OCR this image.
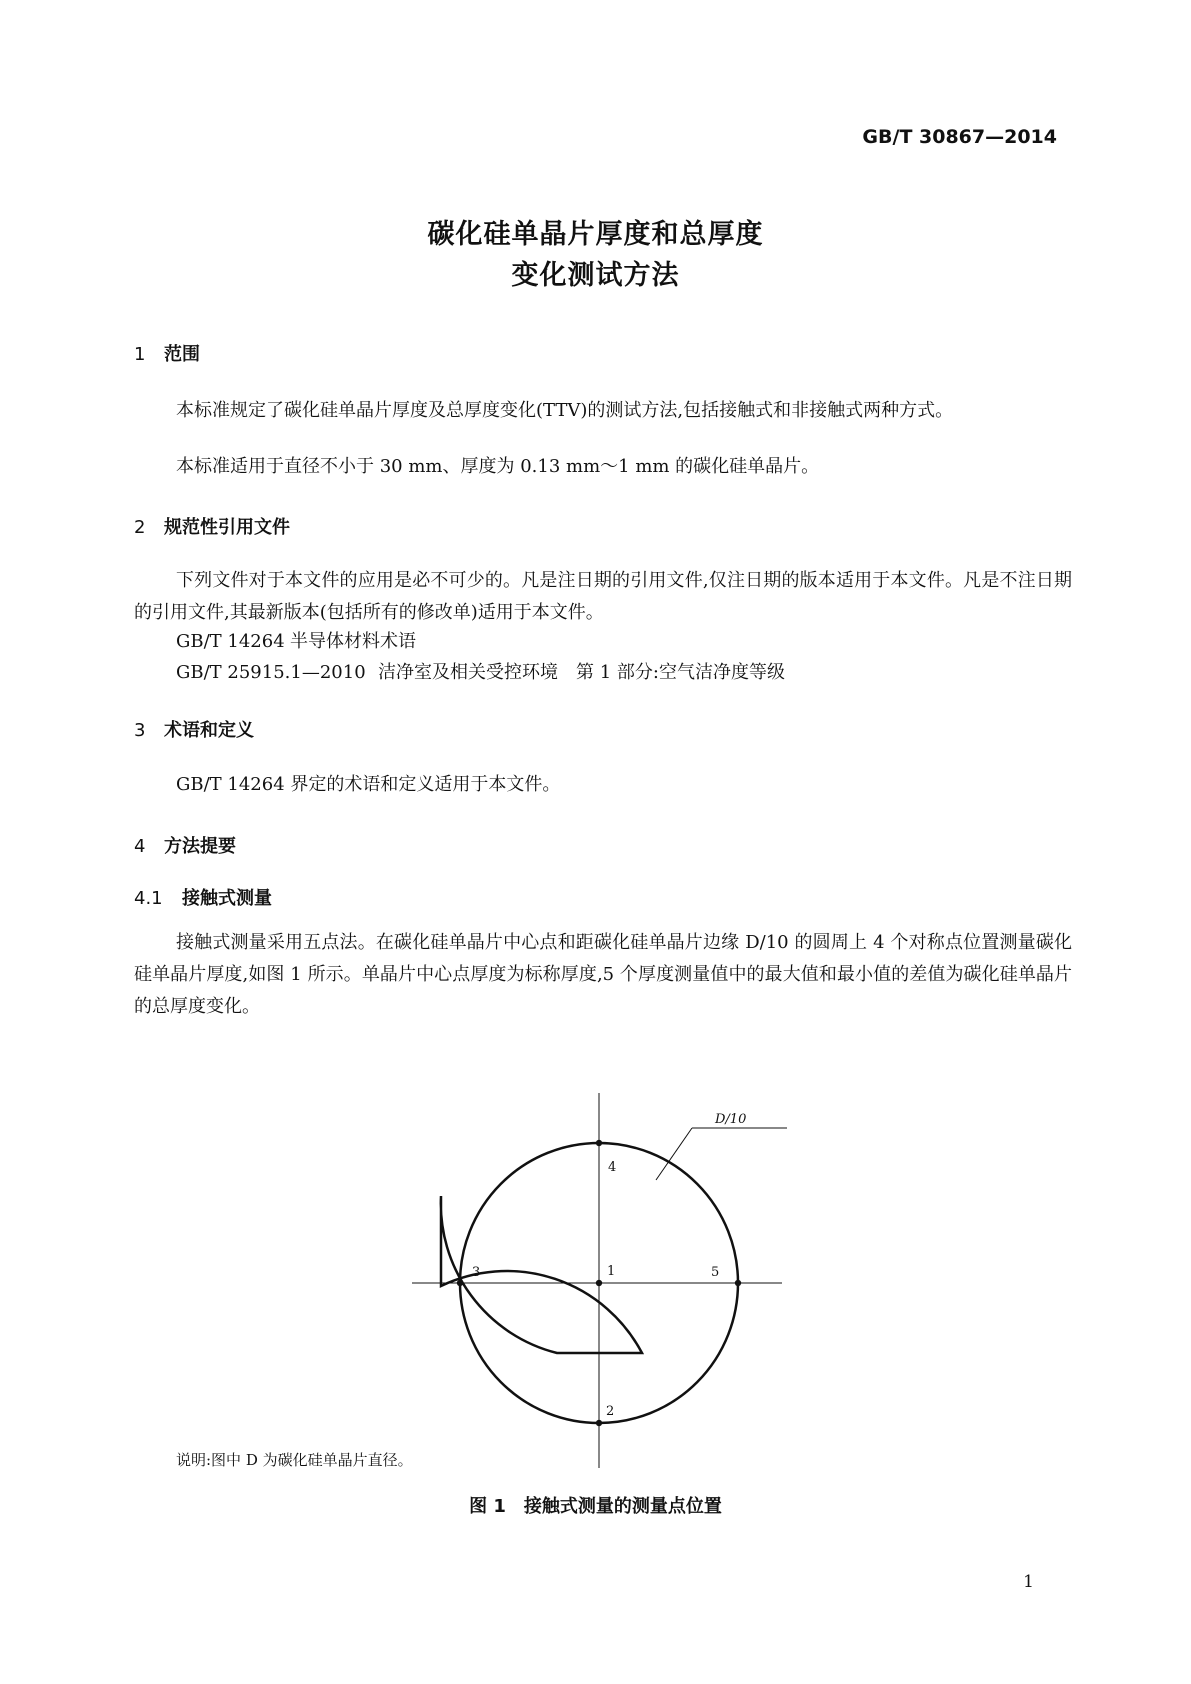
GB/T 30867—2014
碳化硅单晶片厚度和总厚度
变化测试方法
1 范围
本标准规定了碳化硅单晶片厚度及总厚度变化(TTV)的测试方法,包括接触式和非接触式两种方式。
本标准适用于直径不小于 30 mm、厚度为 0.13 mm～1 mm 的碳化硅单晶片。
2 规范性引用文件
下列文件对于本文件的应用是必不可少的。凡是注日期的引用文件,仅注日期的版本适用于本文件。凡是不注日期的引用文件,其最新版本(包括所有的修改单)适用于本文件。
GB/T 14264 半导体材料术语
GB/T 25915.1—2010 洁净室及相关受控环境　第 1 部分:空气洁净度等级
3 术语和定义
GB/T 14264 界定的术语和定义适用于本文件。
4 方法提要
4.1 接触式测量
接触式测量采用五点法。在碳化硅单晶片中心点和距碳化硅单晶片边缘 D/10 的圆周上 4 个对称点位置测量碳化硅单晶片厚度,如图 1 所示。单晶片中心点厚度为标称厚度,5 个厚度测量值中的最大值和最小值的差值为碳化硅单晶片的总厚度变化。
D/10
1
2
3
4
5
说明:图中 D 为碳化硅单晶片直径。
图 1　接触式测量的测量点位置
1
